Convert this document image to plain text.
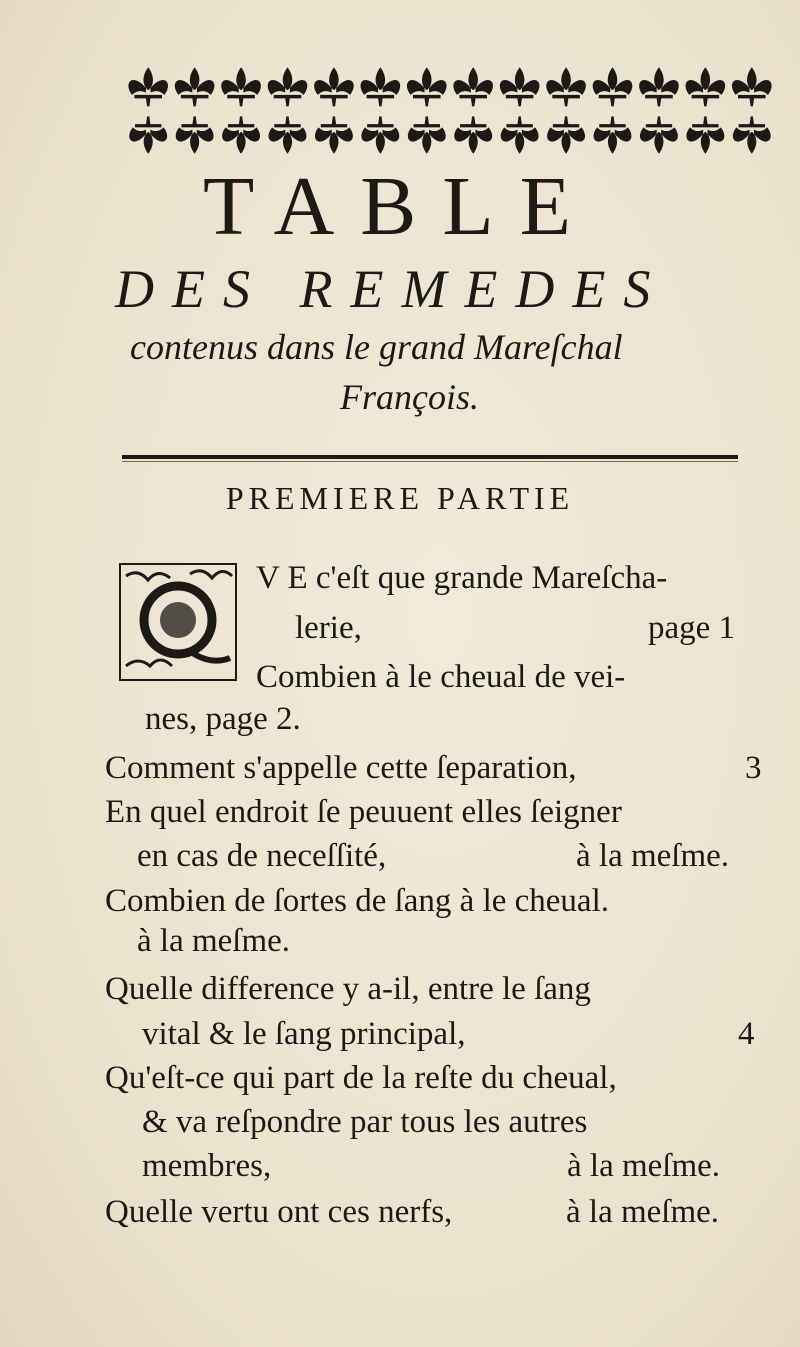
TABLE
DES REMEDES
contenus dans le grand Mareſchal
François.
PREMIERE PARTIE
V E c'eſt que grande Mareſcha-
lerie,	page 1
Combien à le cheual de vei-
nes, page 2.
Comment s'appelle cette ſeparation,	3
En quel endroit ſe peuuent elles ſeigner
en cas de neceſſité,	à la meſme.
Combien de ſortes de ſang à le cheual.
à la meſme.
Quelle difference y a-il, entre le ſang
vital & le ſang principal,	4
Qu'eſt-ce qui part de la reſte du cheual,
& va reſpondre par tous les autres
membres,	à la meſme.
Quelle vertu ont ces nerfs,	à la meſme.
